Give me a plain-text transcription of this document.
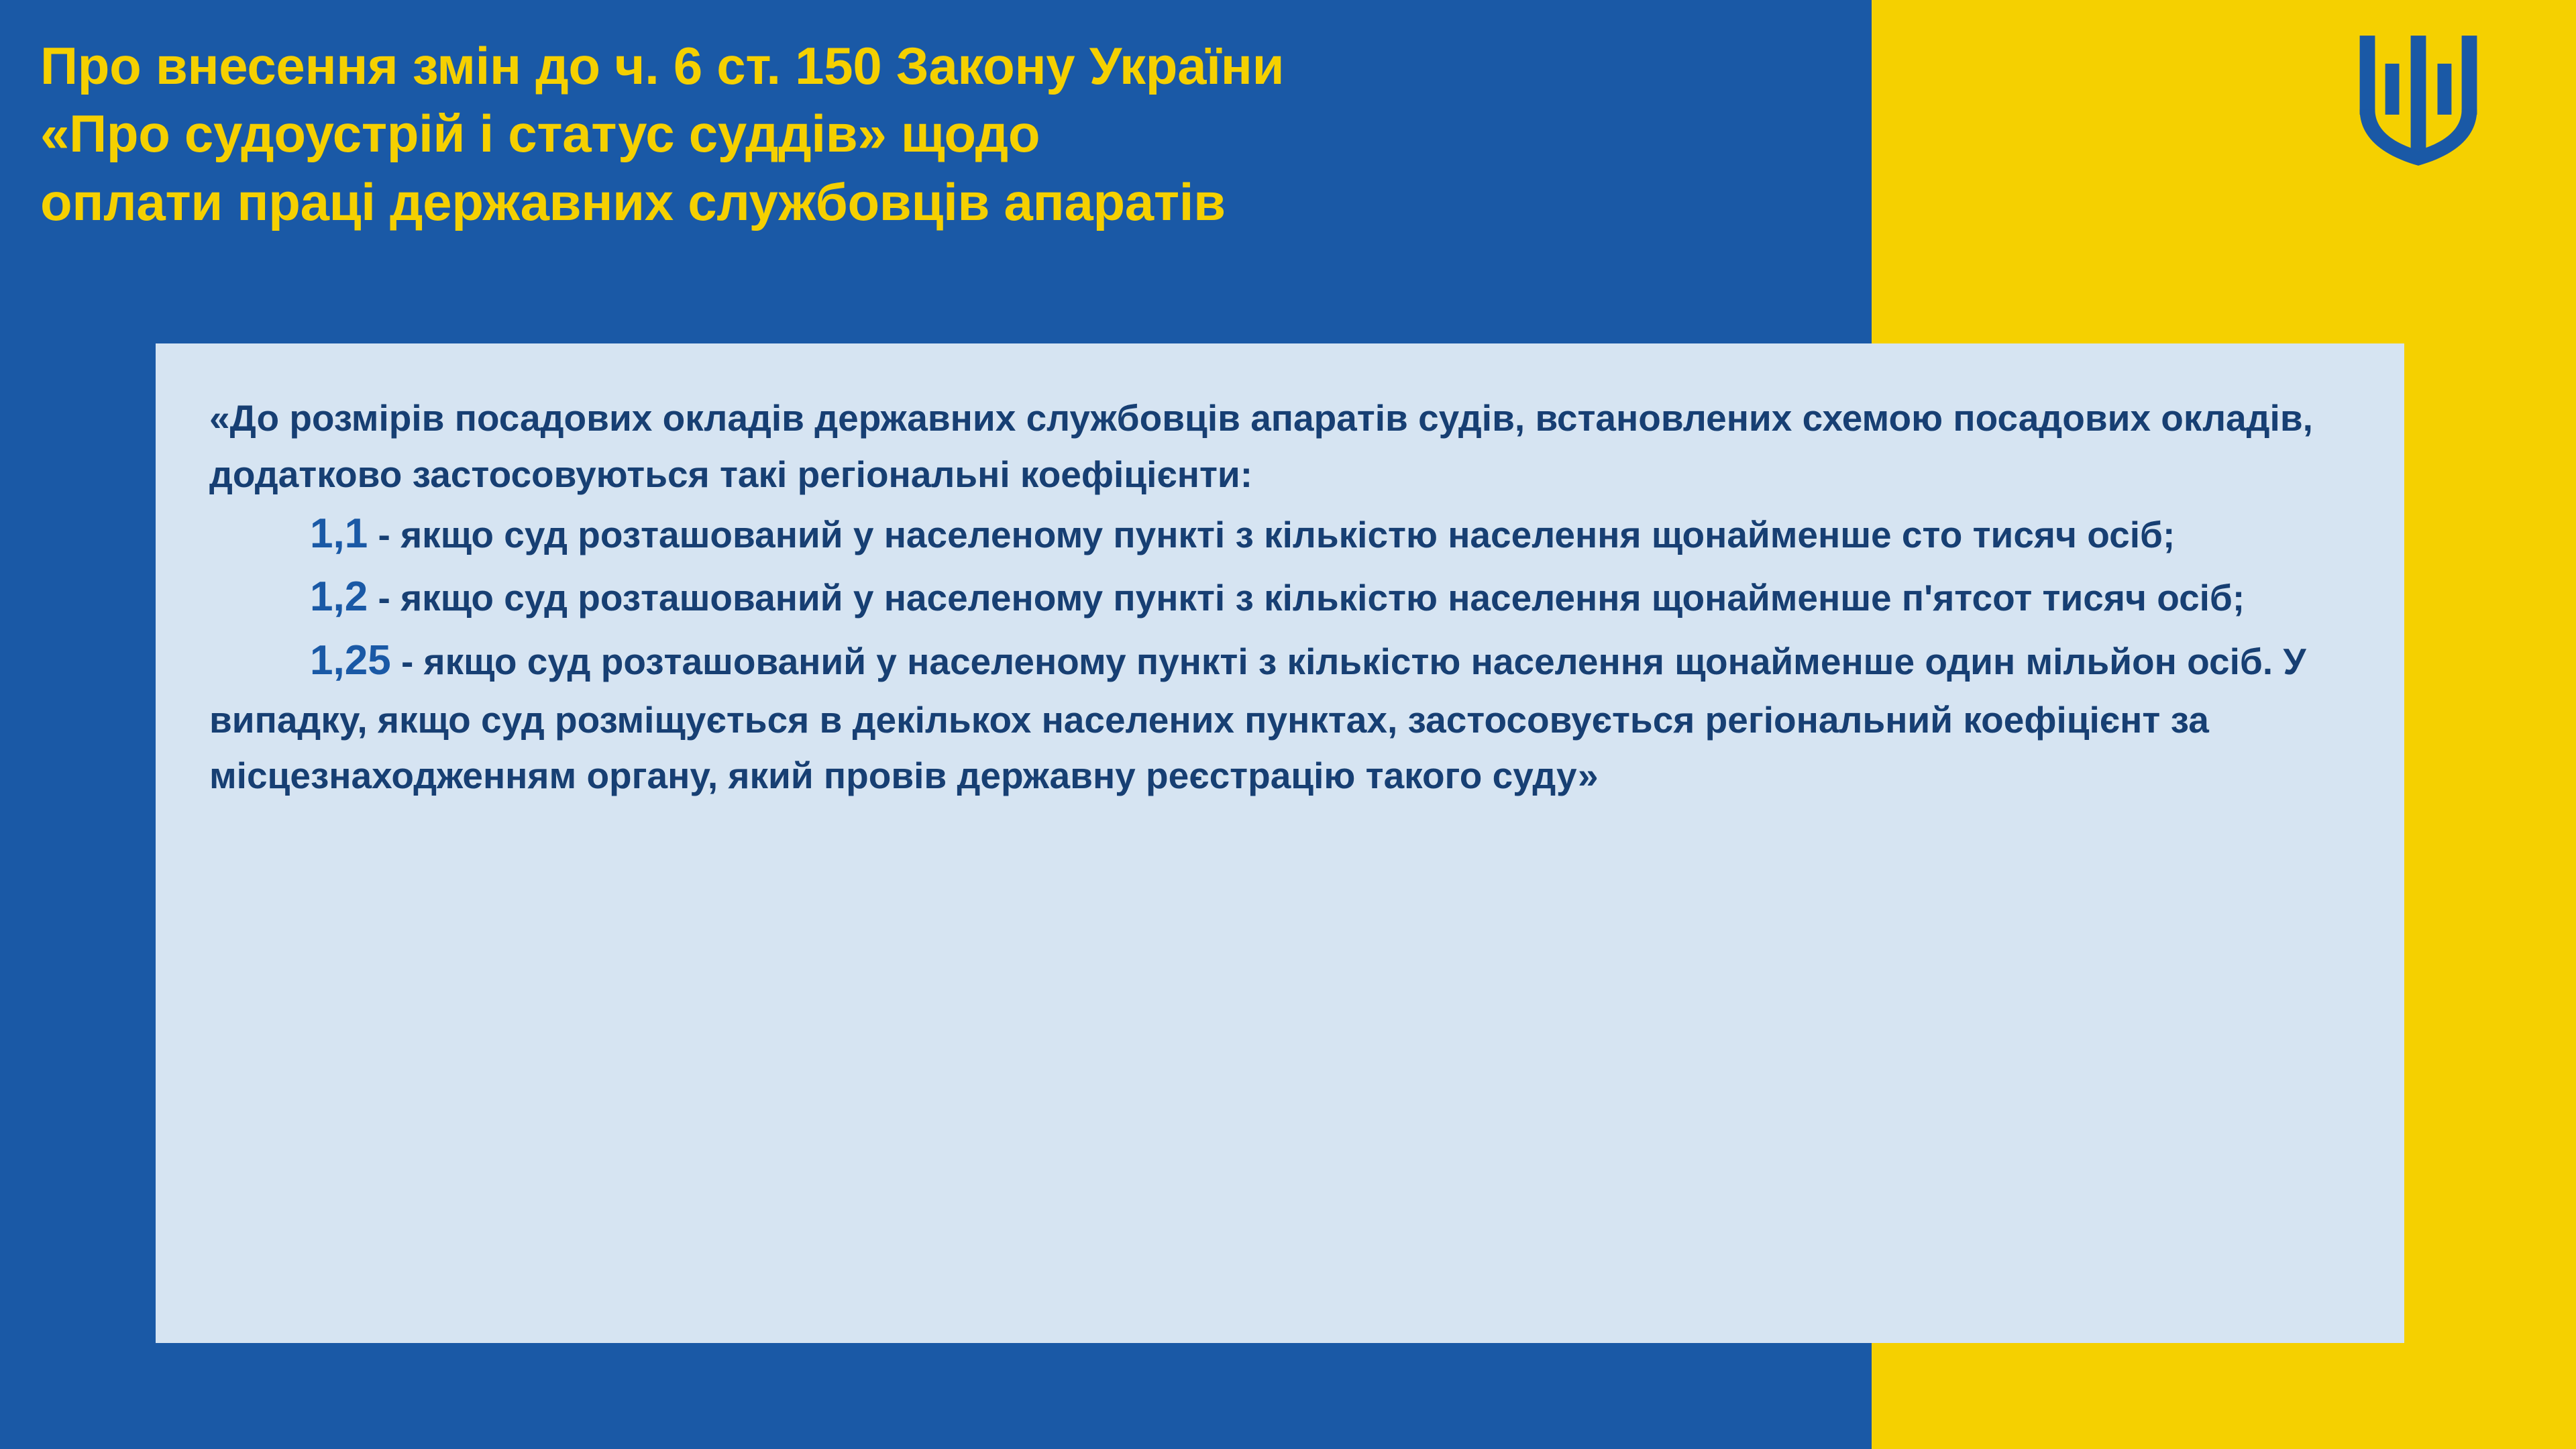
Про внесення змін до ч. 6 ст. 150 Закону України
«Про судоустрій і статус суддів» щодо
оплати праці державних службовців апаратів

«До розмірів посадових окладів державних службовців апаратів судів, встановлених схемою посадових окладів, додатково застосовуються такі регіональні коефіцієнти:

1,1 - якщо суд розташований у населеному пункті з кількістю населення щонайменше сто тисяч осіб;

1,2 - якщо суд розташований у населеному пункті з кількістю населення щонайменше п'ятсот тисяч осіб;

1,25 - якщо суд розташований у населеному пункті з кількістю населення щонайменше один мільйон осіб. У випадку, якщо суд розміщується в декількох населених пунктах, застосовується регіональний коефіцієнт за місцезнаходженням органу, який провів державну реєстрацію такого суду»
